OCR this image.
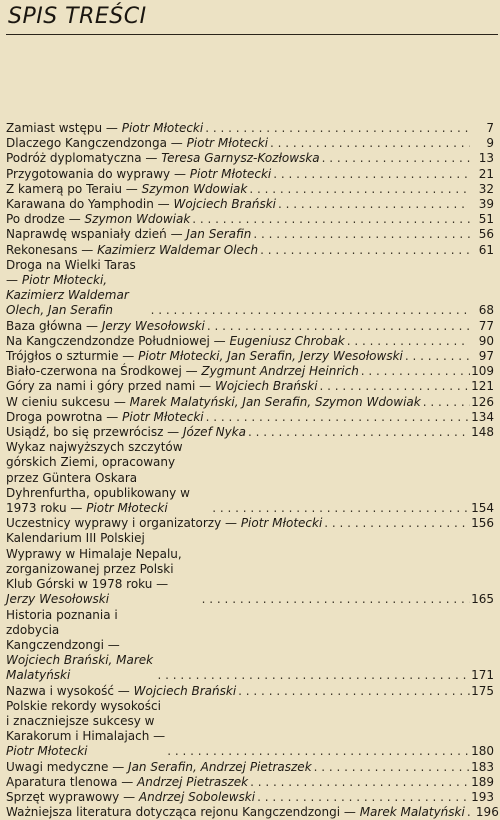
SPIS TREŚCI
Zamiast wstępu — Piotr Młotecki . . .	7
Dlaczego Kangczendzonga — Piotr Młotecki . . .	9
Podróż dyplomatyczna — Teresa Garnysz-Kozłowska . . .	13
Przygotowania do wyprawy — Piotr Młotecki . . .	21
Z kamerą po Teraiu — Szymon Wdowiak . . .	32
Karawana do Yamphodin — Wojciech Brański . . .	39
Po drodze — Szymon Wdowiak . . .	51
Naprawdę wspaniały dzień — Jan Serafin . . .	56
Rekonesans — Kazimierz Waldemar Olech . . .	61
Droga na Wielki Taras — Piotr Młotecki, Kazimierz Waldemar Olech, Jan Serafin . . .	68
Baza główna — Jerzy Wesołowski . . .	77
Na Kangczendzondze Południowej — Eugeniusz Chrobak . . .	90
Trójgłos o szturmie — Piotr Młotecki, Jan Serafin, Jerzy Wesołowski . . .	97
Biało-czerwona na Środkowej — Zygmunt Andrzej Heinrich . . .	109
Góry za nami i góry przed nami — Wojciech Brański . . .	121
W cieniu sukcesu — Marek Malatyński, Jan Serafin, Szymon Wdowiak . . .	126
Droga powrotna — Piotr Młotecki . . .	134
Usiądź, bo się przewrócisz — Józef Nyka . . .	148
Wykaz najwyższych szczytów górskich Ziemi, opracowany przez Güntera Oskara Dyhrenfurtha, opublikowany w 1973 roku — Piotr Młotecki . . .	154
Uczestnicy wyprawy i organizatorzy — Piotr Młotecki . . .	156
Kalendarium III Polskiej Wyprawy w Himalaje Nepalu, zorganizowanej przez Polski Klub Górski w 1978 roku — Jerzy Wesołowski . . .	165
Historia poznania i zdobycia Kangczendzongi — Wojciech Brański, Marek Malatyński . . .	171
Nazwa i wysokość — Wojciech Brański . . .	175
Polskie rekordy wysokości i znaczniejsze sukcesy w Karakorum i Himalajach — Piotr Młotecki . . .	180
Uwagi medyczne — Jan Serafin, Andrzej Pietraszek . . .	183
Aparatura tlenowa — Andrzej Pietraszek . . .	189
Sprzęt wyprawowy — Andrzej Sobolewski . . .	193
Ważniejsza literatura dotycząca rejonu Kangczendzongi — Marek Malatyński . . . 196
